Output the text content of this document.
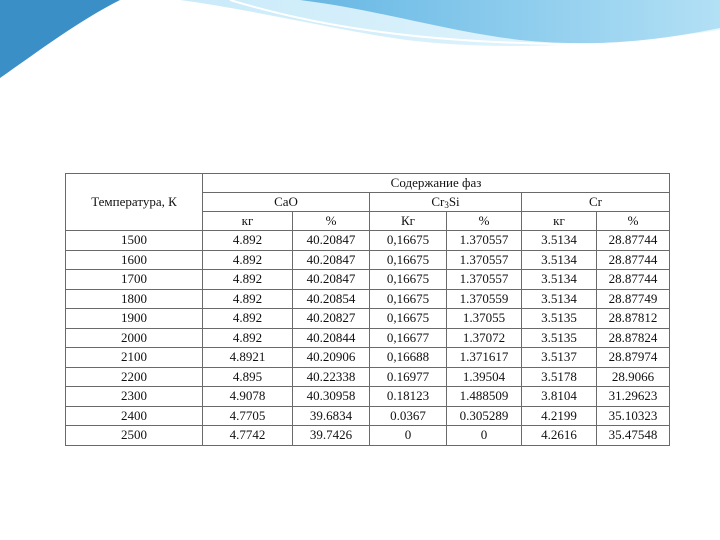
Температура, К	Содержание фаз					
	CaO		$Cr_3Si$		Cr	
	кг	%	Кг	%	кг	%
1500	4.892	40.20847	0,16675	1.370557	3.5134	28.87744
1600	4.892	40.20847	0,16675	1.370557	3.5134	28.87744
1700	4.892	40.20847	0,16675	1.370557	3.5134	28.87744
1800	4.892	40.20854	0,16675	1.370559	3.5134	28.87749
1900	4.892	40.20827	0,16675	1.37055	3.5135	28.87812
2000	4.892	40.20844	0,16677	1.37072	3.5135	28.87824
2100	4.8921	40.20906	0,16688	1.371617	3.5137	28.87974
2200	4.895	40.22338	0.16977	1.39504	3.5178	28.9066
2300	4.9078	40.30958	0.18123	1.488509	3.8104	31.29623
2400	4.7705	39.6834	0.0367	0.305289	4.2199	35.10323
2500	4.7742	39.7426	0	0	4.2616	35.47548
